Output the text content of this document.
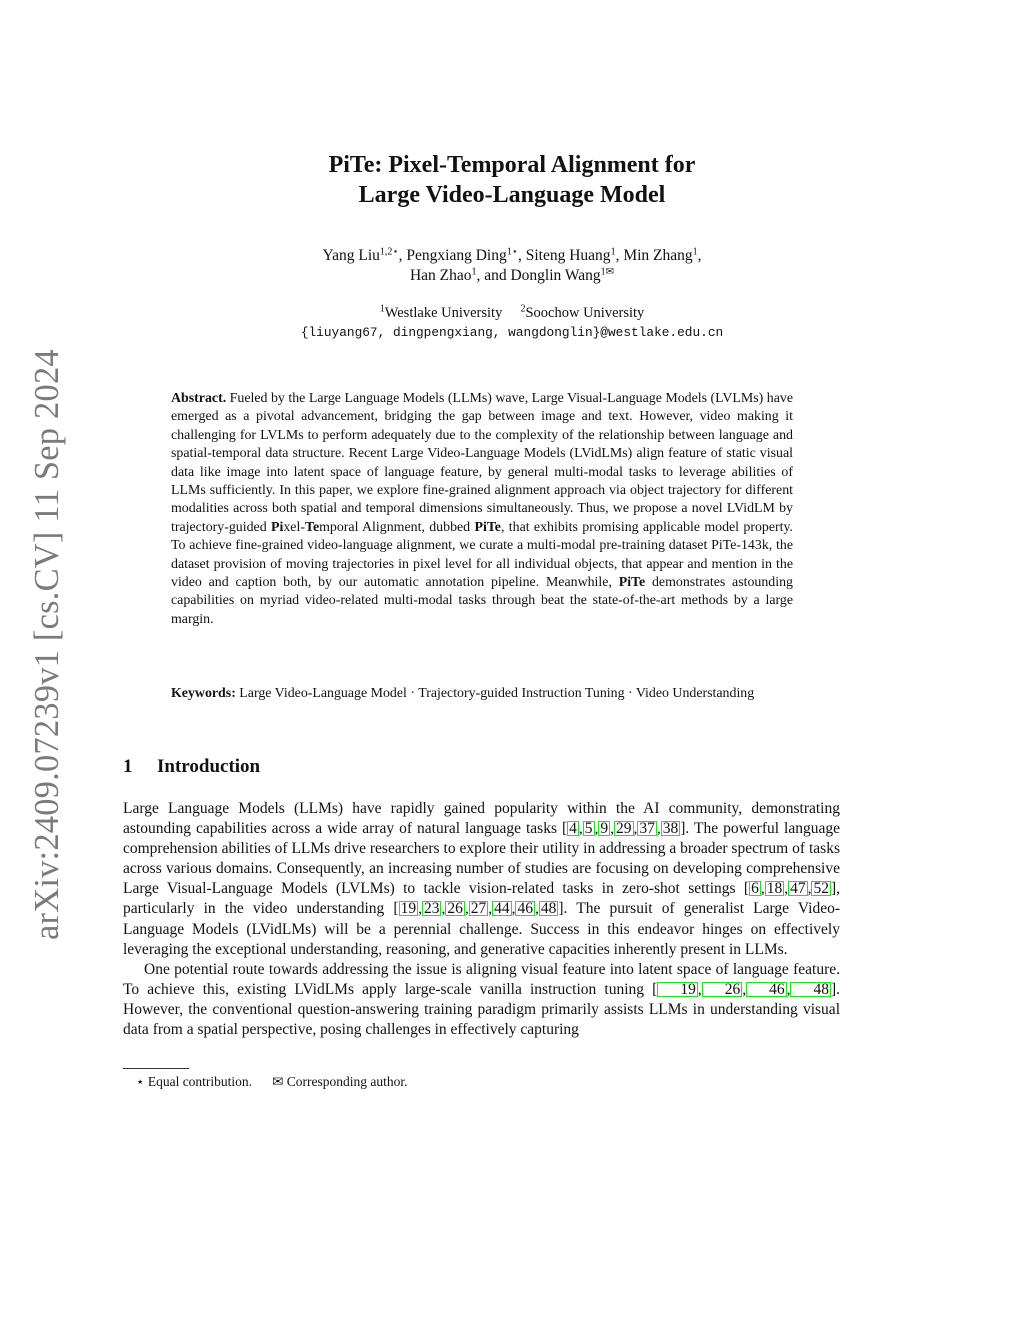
arXiv:2409.07239v1 [cs.CV] 11 Sep 2024
PiTe: Pixel-Temporal Alignment for
Large Video-Language Model
Yang Liu$^{1,2⋆}$, Pengxiang Ding$^{1⋆}$, Siteng Huang$^1$, Min Zhang$^1$,
Han Zhao$^1$, and Donglin Wang$^{1✉}$
$^1$Westlake University $^2$Soochow University
{liuyang67, dingpengxiang, wangdonglin}@westlake.edu.cn
Abstract. Fueled by the Large Language Models (LLMs) wave, Large Visual-Language Models (LVLMs) have emerged as a pivotal advancement, bridging the gap between image and text. However, video making it challenging for LVLMs to perform adequately due to the complexity of the relationship between language and spatial-temporal data structure. Recent Large Video-Language Models (LVidLMs) align feature of static visual data like image into latent space of language feature, by general multi-modal tasks to leverage abilities of LLMs sufficiently. In this paper, we explore fine-grained alignment approach via object trajectory for different modalities across both spatial and temporal dimensions simultaneously. Thus, we propose a novel LVidLM by trajectory-guided Pixel-Temporal Alignment, dubbed PiTe, that exhibits promising applicable model property. To achieve fine-grained video-language alignment, we curate a multi-modal pre-training dataset PiTe-143k, the dataset provision of moving trajectories in pixel level for all individual objects, that appear and mention in the video and caption both, by our automatic annotation pipeline. Meanwhile, PiTe demonstrates astounding capabilities on myriad video-related multi-modal tasks through beat the state-of-the-art methods by a large margin.
Keywords: Large Video-Language Model · Trajectory-guided Instruction Tuning · Video Understanding
1 Introduction

Large Language Models (LLMs) have rapidly gained popularity within the AI community, demonstrating astounding capabilities across a wide array of natural language tasks [ 4 , 5 , 9 , 29 , 37 , 38 ]. The powerful language comprehension abilities of LLMs drive researchers to explore their utility in addressing a broader spectrum of tasks across various domains. Consequently, an increasing number of studies are focusing on developing comprehensive Large Visual-Language Models (LVLMs) to tackle vision-related tasks in zero-shot settings [ 6 , 18 , 47 , 52 ], particularly in the video understanding [ 19 , 23 , 26 , 27 , 44 , 46 , 48 ]. The pursuit of generalist Large Video-Language Models (LVidLMs) will be a perennial challenge. Success in this endeavor hinges on effectively leveraging the exceptional understanding, reasoning, and generative capacities inherently present in LLMs.

One potential route towards addressing the issue is aligning visual feature into latent space of language feature. To achieve this, existing LVidLMs apply large-scale vanilla instruction tuning [ 19 , 26 , 46 , 48 ]. However, the conventional question-answering training paradigm primarily assists LLMs in understanding visual data from a spatial perspective, posing challenges in effectively capturing

⋆ Equal contribution. ✉ Corresponding author.
